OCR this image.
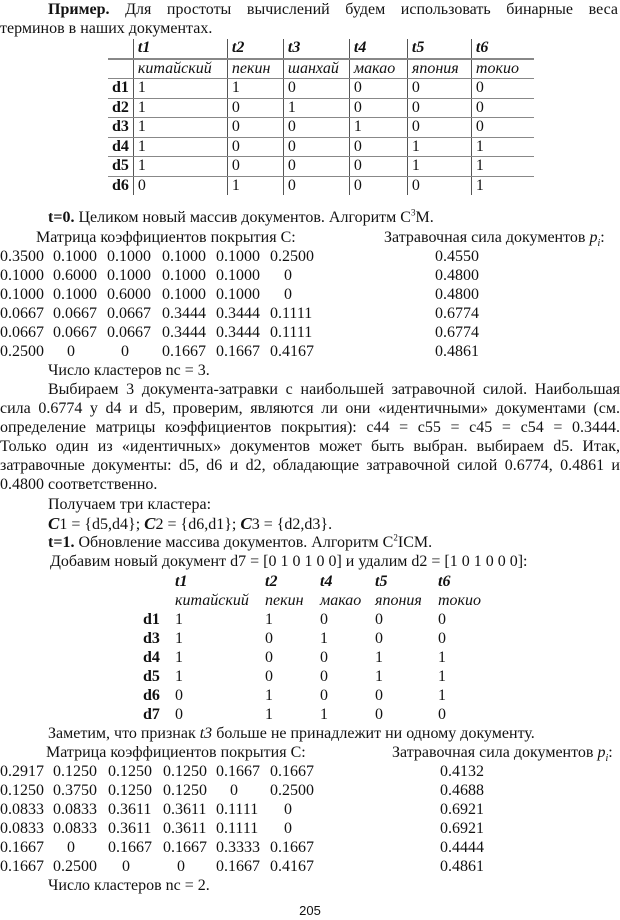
Пример. Для простоты вычислений будем использовать бинарные веса
терминов в наших документах.
	t1	t2	t3	t4	t5	t6
	китайский	пекин	шанхай	макао	япония	токио
d1	1	1	0	0	0	0
d2	1	0	1	0	0	0
d3	1	0	0	1	0	0
d4	1	0	0	0	1	1
d5	1	0	0	0	1	1
d6	0	1	0	0	0	1
t=0. Целиком новый массив документов. Алгоритм $C^3M$.
Матрица коэффициентов покрытия C:	Затравочная сила документов $p_i$:
0.3500 0.1000 0.1000 0.1000 0.1000 0.2500	0.4550
0.1000 0.6000 0.1000 0.1000 0.1000 0	0.4800
0.1000 0.1000 0.6000 0.1000 0.1000 0	0.4800
0.0667 0.0667 0.0667 0.3444 0.3444 0.1111	0.6774
0.0667 0.0667 0.0667 0.3444 0.3444 0.1111	0.6774
0.2500 0	0 0.1667 0.1667 0.4167	0.4861
Число кластеров nc = 3.
Выбираем 3 документа-затравки с наибольшей затравочной силой. Наибольшая
сила 0.6774 у d4 и d5, проверим, являются ли они «идентичными» документами (см.
определение матрицы коэффициентов покрытия): c44 = c55 = c45 = c54 = 0.3444.
Только один из «идентичных» документов может быть выбран. выбираем d5. Итак,
затравочные документы: d5, d6 и d2, обладающие затравочной силой 0.6774, 0.4861 и
0.4800 соответственно.
Получаем три кластера:
C1 = {d5,d4}; C2 = {d6,d1}; C3 = {d2,d3}.
t=1. Обновление массива документов. Алгоритм $C^2ICM$.
Добавим новый документ d7 = [0 1 0 1 0 0] и удалим d2 = [1 0 1 0 0 0]:
t1	t2	t4	t5	t6
китайский пекин макао япония токио
d1 1	1	0	0	0
d3 1	0	1	0	0
d4 1	0	0	1	1
d5 1	0	0	1	1
d6 0	1	0	0	1
d7 0	1	1	0	0
Заметим, что признак t3 больше не принадлежит ни одному документу.
Матрица коэффициентов покрытия C:	Затравочная сила документов $p_i$:
0.2917 0.1250 0.1250 0.1250 0.1667 0.1667	0.4132
0.1250 0.3750 0.1250 0.1250 0 0.2500	0.4688
0.0833 0.0833 0.3611 0.3611 0.1111 0	0.6921
0.0833 0.0833 0.3611 0.3611 0.1111 0	0.6921
0.1667 0 0.1667 0.1667 0.3333 0.1667	0.4444
0.1667 0.2500 0	0 0.1667 0.4167	0.4861
Число кластеров nc = 2.
205
